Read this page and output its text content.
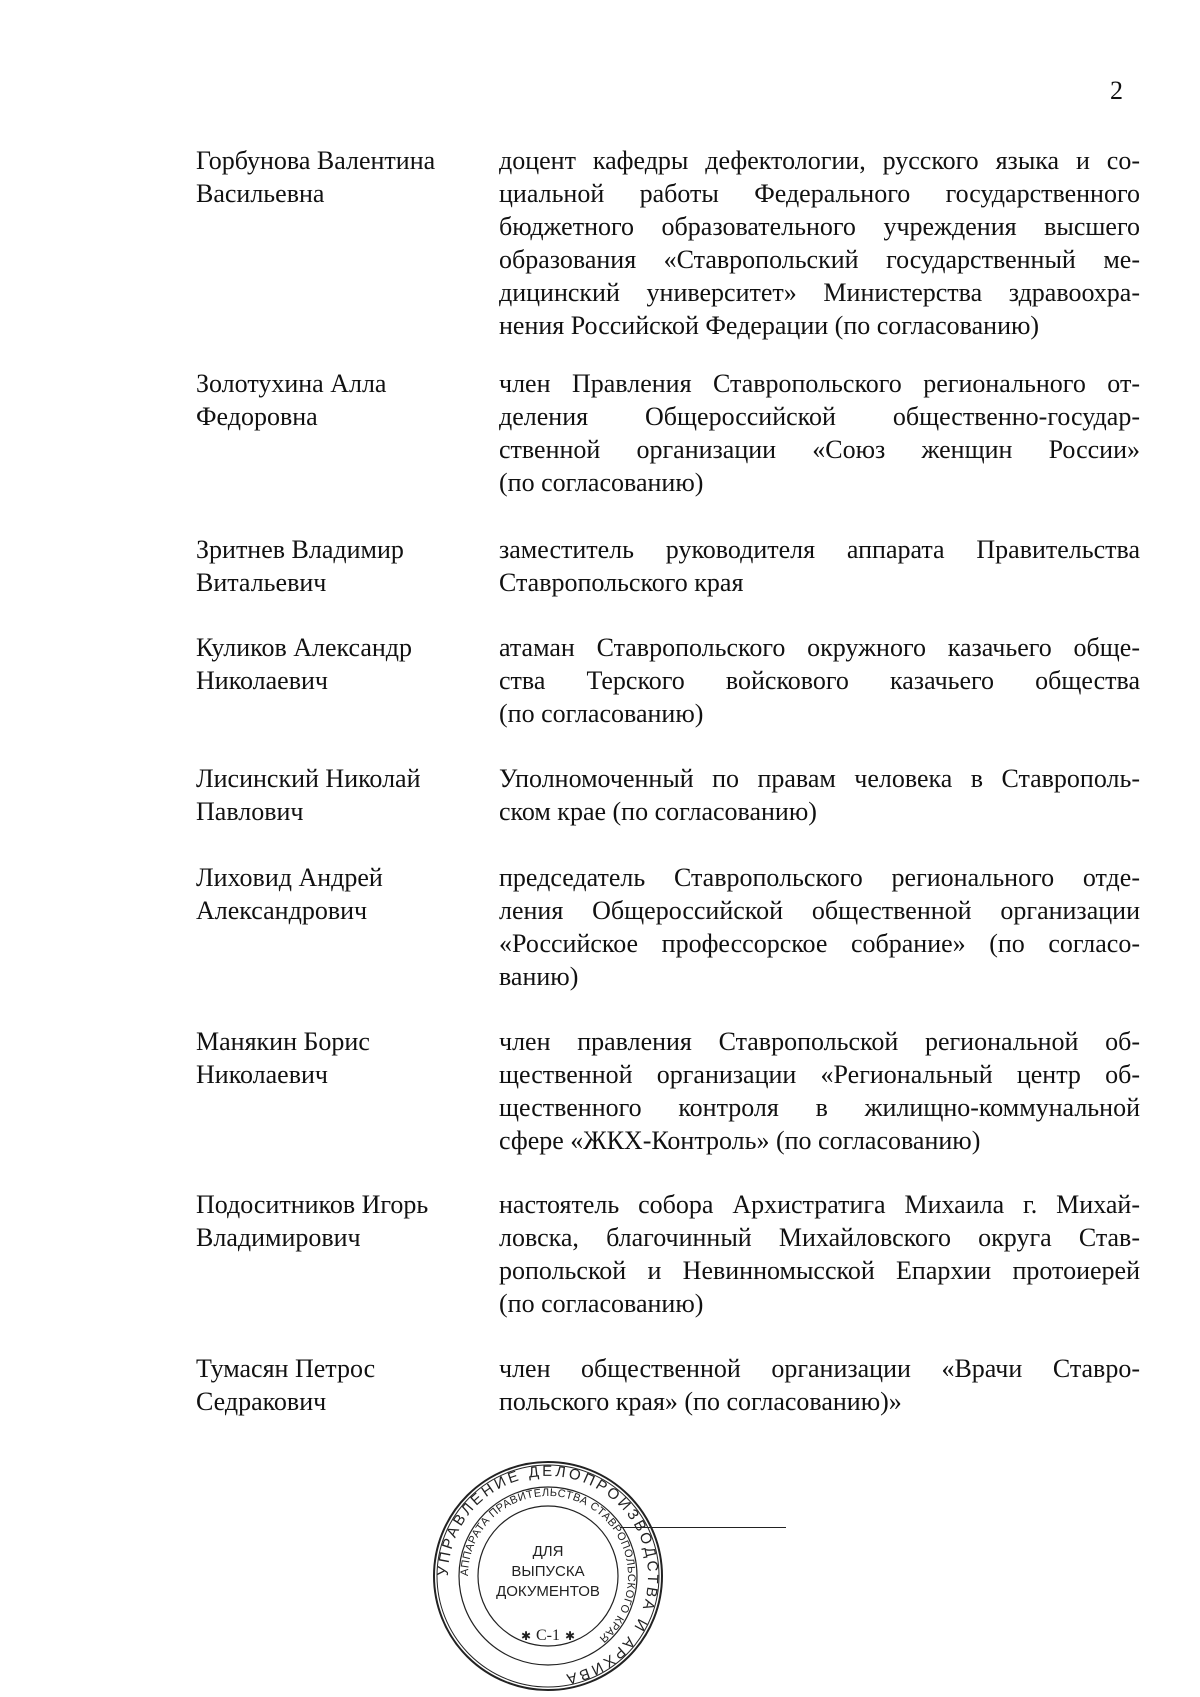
2
Горбунова Валентина
Васильевна
доцент кафедры дефектологии, русского языка и со-
циальной работы Федерального государственного
бюджетного образовательного учреждения высшего
образования «Ставропольский государственный ме-
дицинский университет» Министерства здравоохра-
нения Российской Федерации (по согласованию)
Золотухина Алла
Федоровна
член Правления Ставропольского регионального от-
деления Общероссийской общественно-государ-
ственной организации «Союз женщин России»
(по согласованию)
Зритнев Владимир
Витальевич
заместитель руководителя аппарата Правительства
Ставропольского края
Куликов Александр
Николаевич
атаман Ставропольского окружного казачьего обще-
ства Терского войскового казачьего общества
(по согласованию)
Лисинский Николай
Павлович
Уполномоченный по правам человека в Ставрополь-
ском крае (по согласованию)
Лиховид Андрей
Александрович
председатель Ставропольского регионального отде-
ления Общероссийской общественной организации
«Российское профессорское собрание» (по согласо-
ванию)
Манякин Борис
Николаевич
член правления Ставропольской региональной об-
щественной организации «Региональный центр об-
щественного контроля в жилищно-коммунальной
сфере «ЖКХ-Контроль» (по согласованию)
Подоситников Игорь
Владимирович
настоятель собора Архистратига Михаила г. Михай-
ловска, благочинный Михайловского округа Став-
ропольской и Невинномысской Епархии протоиерей
(по согласованию)
Тумасян Петрос
Седракович
член общественной организации «Врачи Ставро-
польского края» (по согласованию)»
УПРАВЛЕНИЕ ДЕЛОПРОИЗВОДСТВА И АРХИВА
АППАРАТА ПРАВИТЕЛЬСТВА СТАВРОПОЛЬСКОГО КРАЯ
ДЛЯ
ВЫПУСКА
ДОКУМЕНТОВ
С-1
✱	✱
